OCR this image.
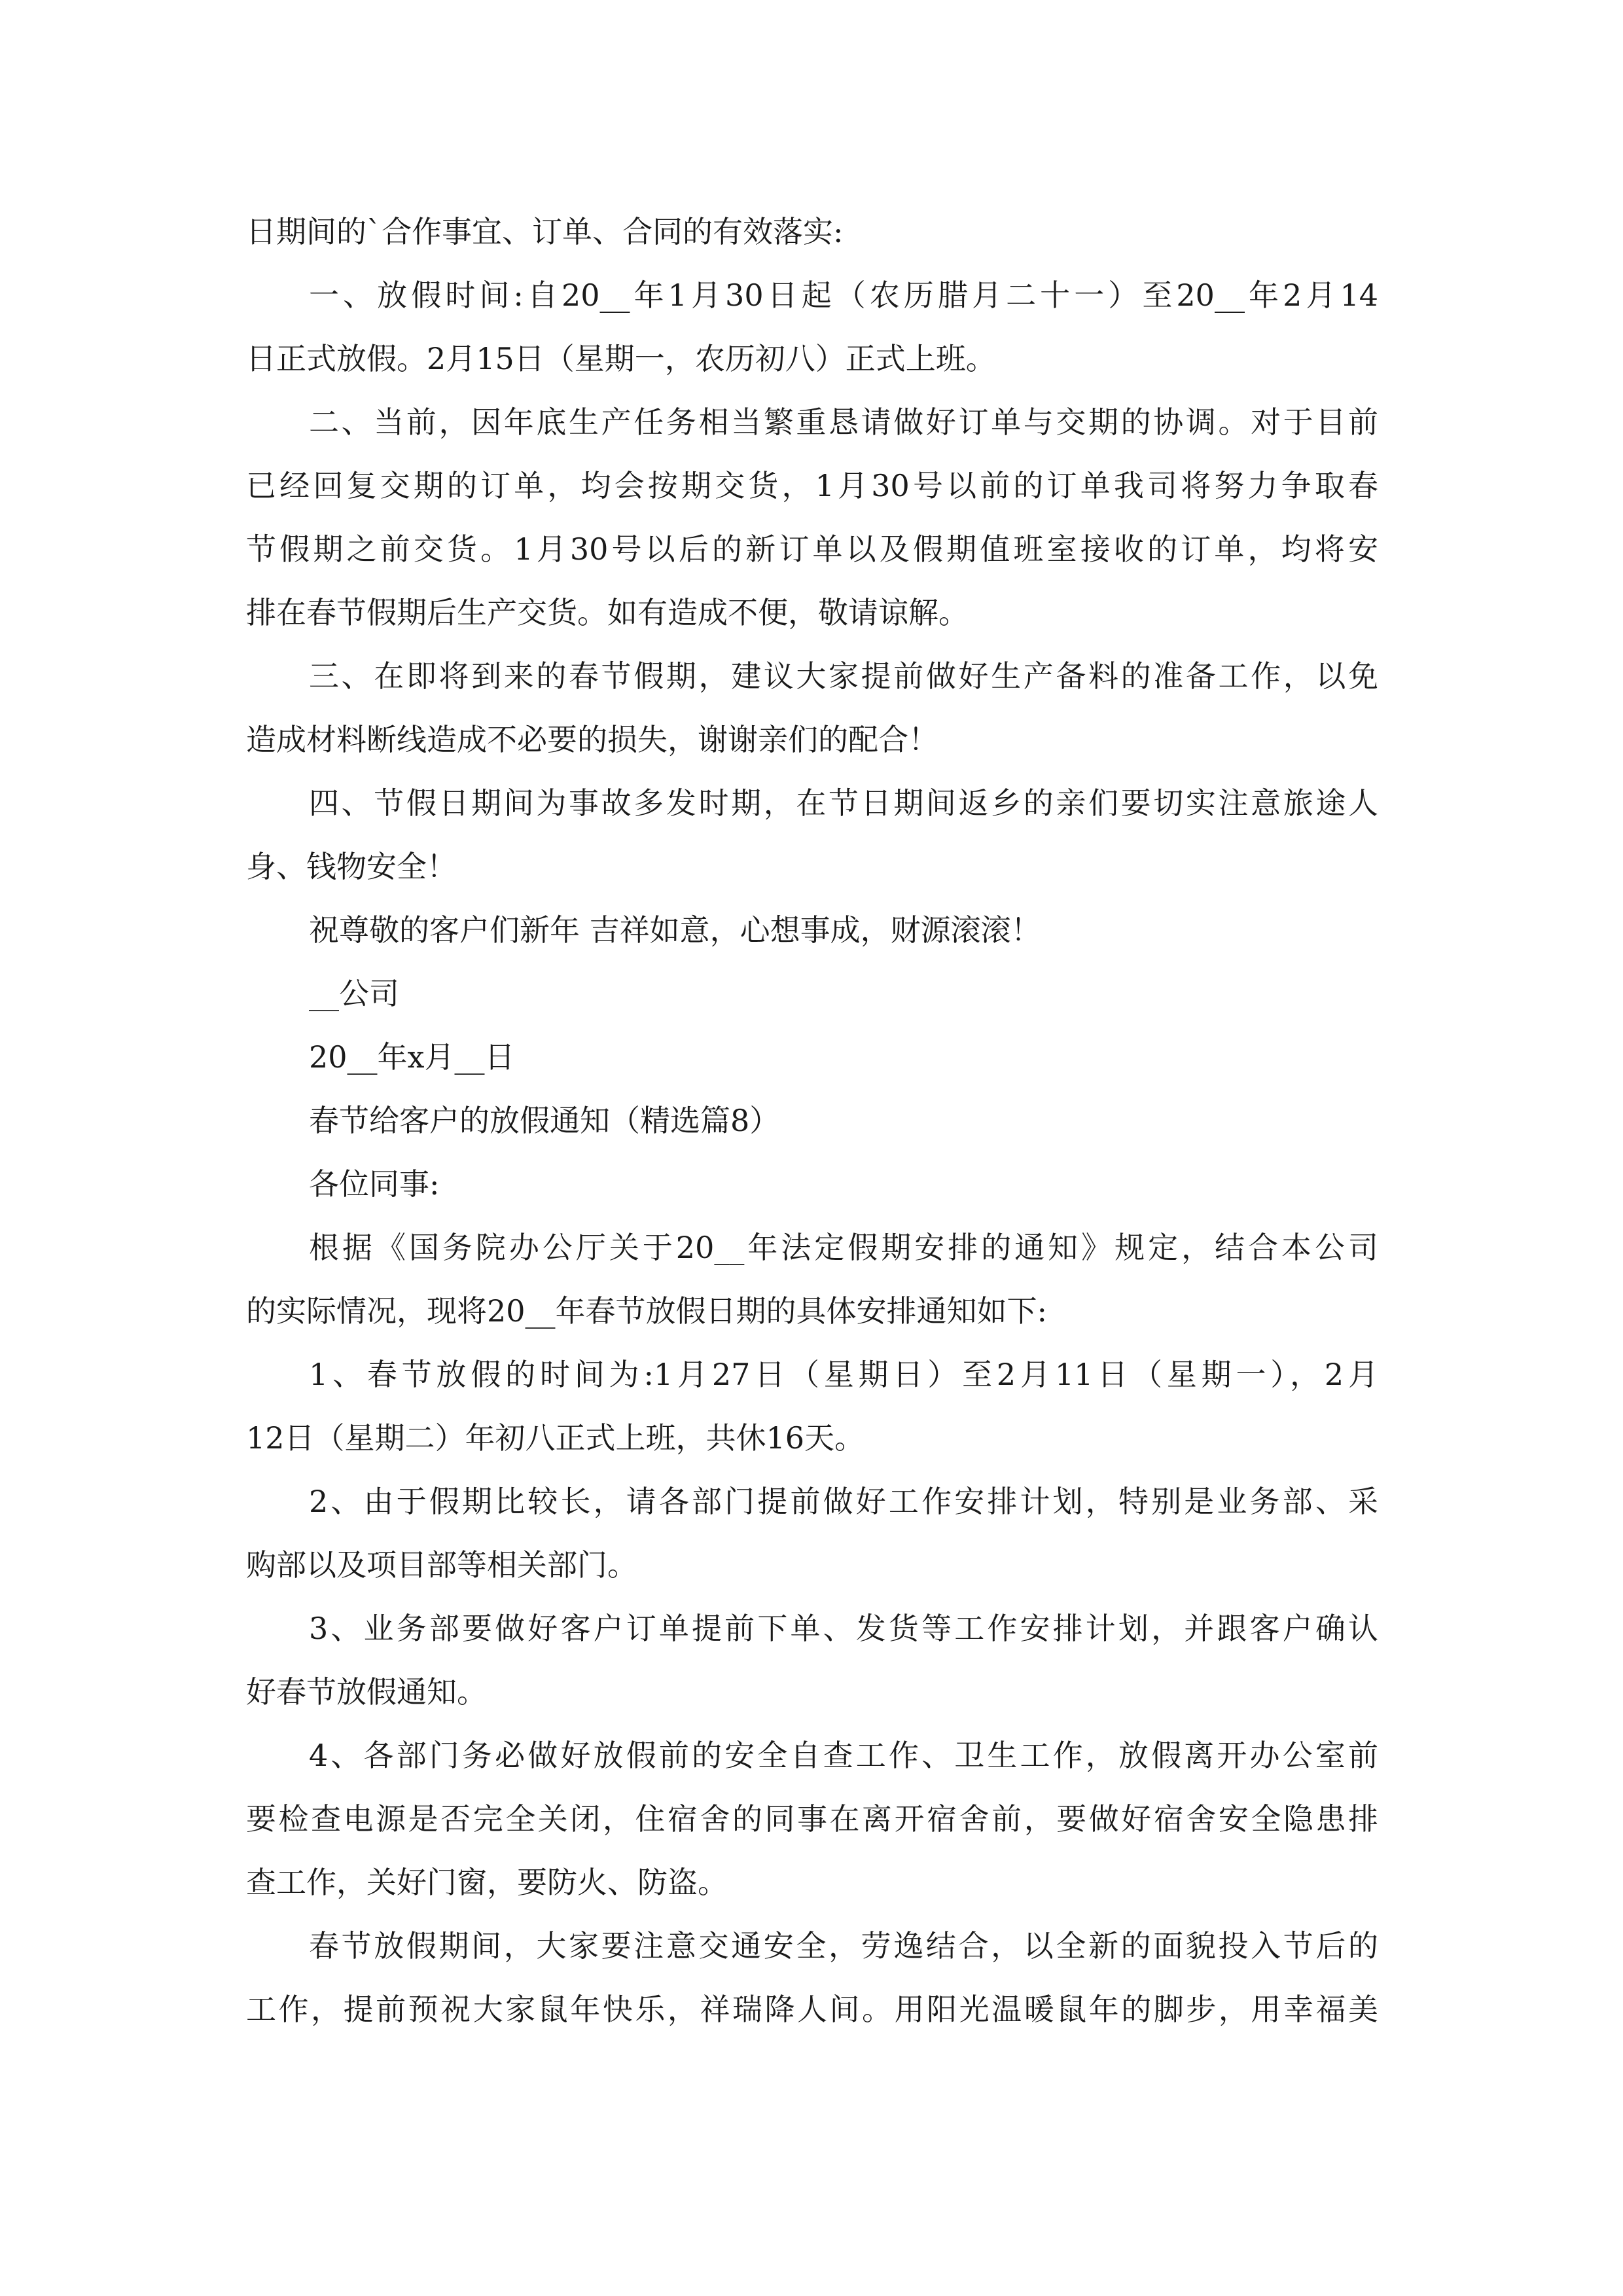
日期间的`合作事宜、订单、合同的有效落实:
一、放假时间:自20__年1月30日起（农历腊月二十一）至20__年2月14
日正式放假。2月15日（星期一，农历初八）正式上班。
二、当前，因年底生产任务相当繁重恳请做好订单与交期的协调。对于目前
已经回复交期的订单，均会按期交货，1月30号以前的订单我司将努力争取春
节假期之前交货。1月30号以后的新订单以及假期值班室接收的订单，均将安
排在春节假期后生产交货。如有造成不便，敬请谅解。
三、在即将到来的春节假期，建议大家提前做好生产备料的准备工作，以免
造成材料断线造成不必要的损失，谢谢亲们的配合！
四、节假日期间为事故多发时期，在节日期间返乡的亲们要切实注意旅途人
身、钱物安全！
祝尊敬的客户们新年 吉祥如意，心想事成，财源滚滚！
__公司
20__年x月__日
春节给客户的放假通知（精选篇8）
各位同事:
根据《国务院办公厅关于20__年法定假期安排的通知》规定，结合本公司
的实际情况，现将20__年春节放假日期的具体安排通知如下:
1、春节放假的时间为:1月27日（星期日）至2月11日（星期一），2月
12日（星期二）年初八正式上班，共休16天。
2、由于假期比较长，请各部门提前做好工作安排计划，特别是业务部、采
购部以及项目部等相关部门。
3、业务部要做好客户订单提前下单、发货等工作安排计划，并跟客户确认
好春节放假通知。
4、各部门务必做好放假前的安全自查工作、卫生工作，放假离开办公室前
要检查电源是否完全关闭，住宿舍的同事在离开宿舍前，要做好宿舍安全隐患排
查工作，关好门窗，要防火、防盗。
春节放假期间，大家要注意交通安全，劳逸结合，以全新的面貌投入节后的
工作，提前预祝大家鼠年快乐，祥瑞降人间。用阳光温暖鼠年的脚步，用幸福美
